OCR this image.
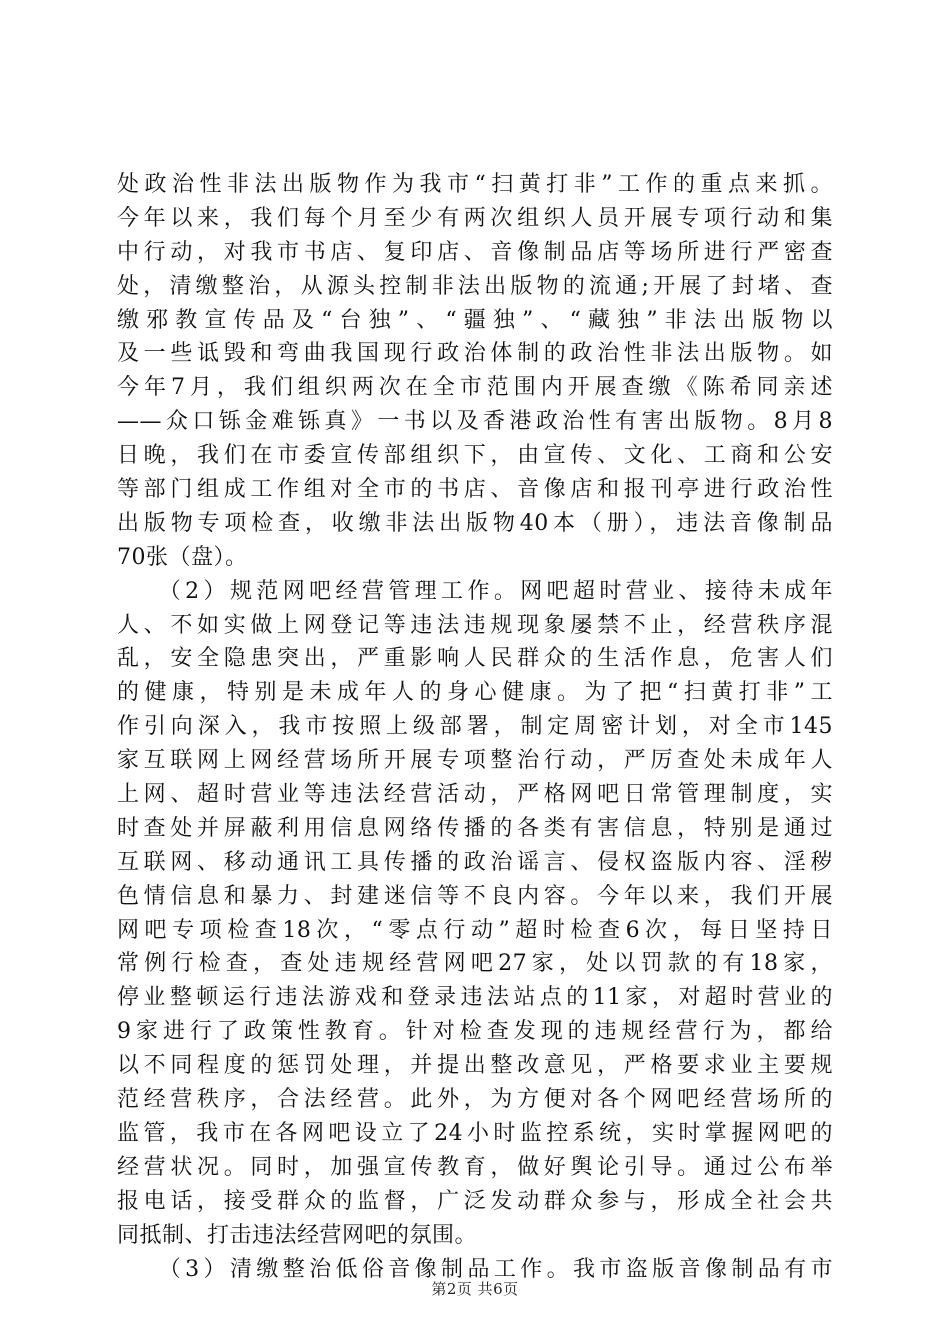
处政治性非法出版物作为我市“扫黄打非”工作的重点来抓。
今年以来，我们每个月至少有两次组织人员开展专项行动和集
中行动，对我市书店、复印店、音像制品店等场所进行严密查
处，清缴整治，从源头控制非法出版物的流通;开展了封堵、查
缴邪教宣传品及“台独”、“疆独”、“藏独”非法出版物以
及一些诋毁和弯曲我国现行政治体制的政治性非法出版物。如
今年7月，我们组织两次在全市范围内开展查缴《陈希同亲述
——众口铄金难铄真》一书以及香港政治性有害出版物。8月8
日晚，我们在市委宣传部组织下，由宣传、文化、工商和公安
等部门组成工作组对全市的书店、音像店和报刊亭进行政治性
出版物专项检查，收缴非法出版物40本（册），违法音像制品
70张（盘）。
　　（2）规范网吧经营管理工作。网吧超时营业、接待未成年
人、不如实做上网登记等违法违规现象屡禁不止，经营秩序混
乱，安全隐患突出，严重影响人民群众的生活作息，危害人们
的健康，特别是未成年人的身心健康。为了把“扫黄打非”工
作引向深入，我市按照上级部署，制定周密计划，对全市145
家互联网上网经营场所开展专项整治行动，严厉查处未成年人
上网、超时营业等违法经营活动，严格网吧日常管理制度，实
时查处并屏蔽利用信息网络传播的各类有害信息，特别是通过
互联网、移动通讯工具传播的政治谣言、侵权盗版内容、淫秽
色情信息和暴力、封建迷信等不良内容。今年以来，我们开展
网吧专项检查18次，“零点行动”超时检查6次，每日坚持日
常例行检查，查处违规经营网吧27家，处以罚款的有18家，
停业整顿运行违法游戏和登录违法站点的11家，对超时营业的
9家进行了政策性教育。针对检查发现的违规经营行为，都给
以不同程度的惩罚处理，并提出整改意见，严格要求业主要规
范经营秩序，合法经营。此外，为方便对各个网吧经营场所的
监管，我市在各网吧设立了24小时监控系统，实时掌握网吧的
经营状况。同时，加强宣传教育，做好舆论引导。通过公布举
报电话，接受群众的监督，广泛发动群众参与，形成全社会共
同抵制、打击违法经营网吧的氛围。
　　（3）清缴整治低俗音像制品工作。我市盗版音像制品有市
第2页 共6页
